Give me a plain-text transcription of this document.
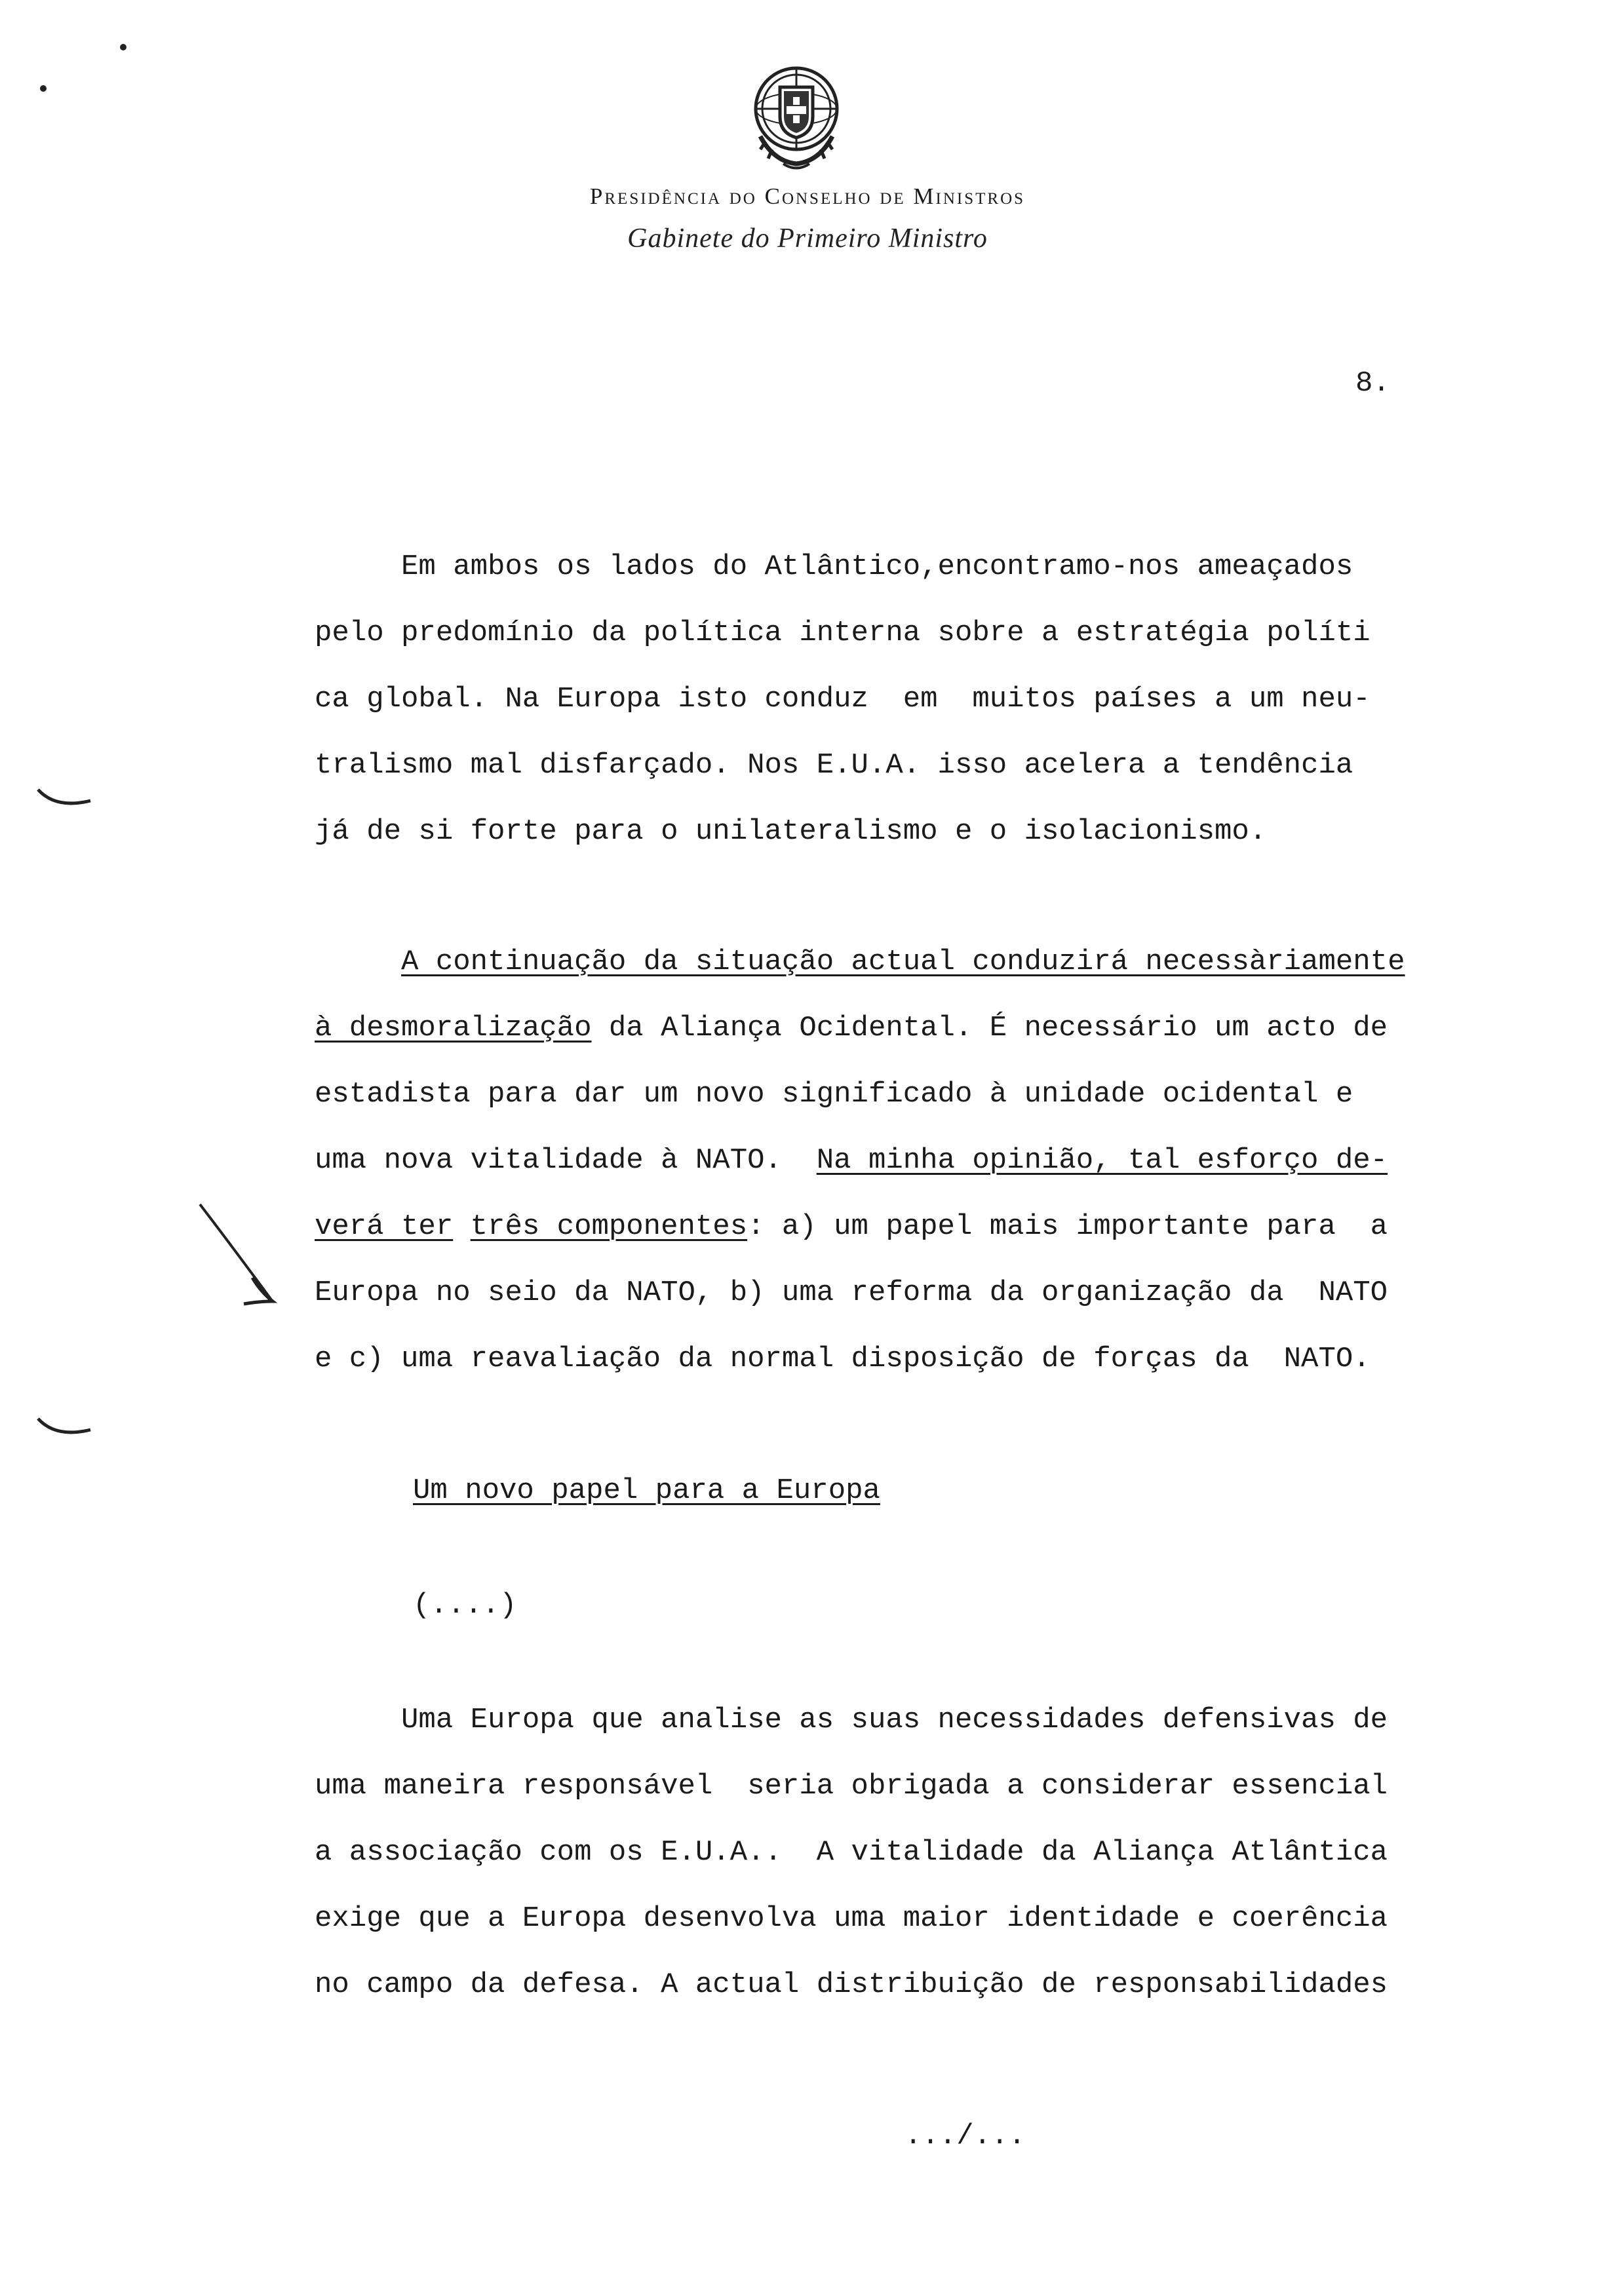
Presidência do Conselho de Ministros
Gabinete do Primeiro Ministro
8.
Em ambos os lados do Atlântico,encontramo-nos ameaçados
pelo predomínio da política interna sobre a estratégia políti
ca global. Na Europa isto conduz  em  muitos países a um neu-
tralismo mal disfarçado. Nos E.U.A. isso acelera a tendência
já de si forte para o unilateralismo e o isolacionismo.
A continuação da situação actual conduzirá necessàriamente
à desmoralização da Aliança Ocidental. É necessário um acto de
estadista para dar um novo significado à unidade ocidental e
uma nova vitalidade à NATO.  Na minha opinião, tal esforço de-
verá ter três componentes: a) um papel mais importante para  a
Europa no seio da NATO, b) uma reforma da organização da  NATO
e c) uma reavaliação da normal disposição de forças da  NATO.
Um novo papel para a Europa
(....)
Uma Europa que analise as suas necessidades defensivas de
uma maneira responsável  seria obrigada a considerar essencial
a associação com os E.U.A..  A vitalidade da Aliança Atlântica
exige que a Europa desenvolva uma maior identidade e coerência
no campo da defesa. A actual distribuição de responsabilidades
.../...
